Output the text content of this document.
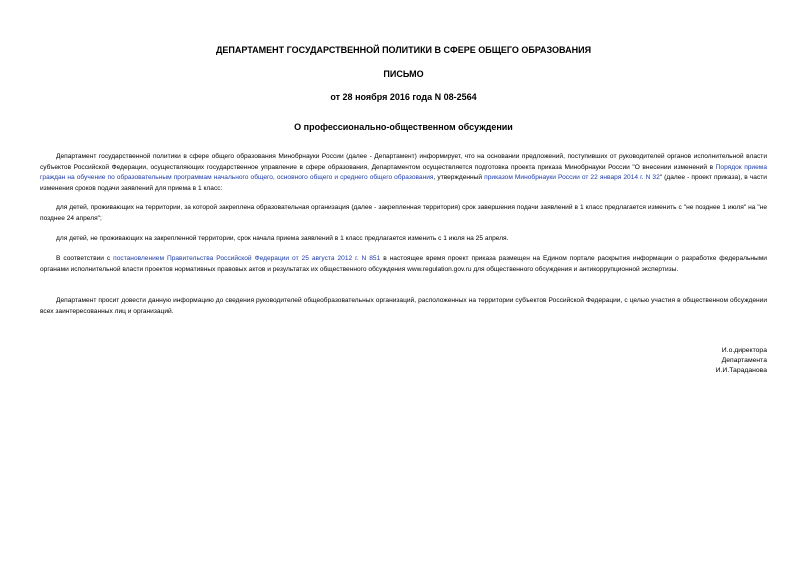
ДЕПАРТАМЕНТ ГОСУДАРСТВЕННОЙ ПОЛИТИКИ В СФЕРЕ ОБЩЕГО ОБРАЗОВАНИЯ
ПИСЬМО
от 28 ноября 2016 года N 08-2564
О профессионально-общественном обсуждении
Департамент государственной политики в сфере общего образования Минобрнауки России (далее - Департамент) информирует, что на основании предложений, поступивших от руководителей органов исполнительной власти субъектов Российской Федерации, осуществляющих государственное управление в сфере образования, Департаментом осуществляется подготовка проекта приказа Минобрнауки России "О внесении изменений в Порядок приема граждан на обучение по образовательным программам начального общего, основного общего и среднего общего образования, утвержденный приказом Минобрнауки России от 22 января 2014 г. N 32" (далее - проект приказа), в части изменения сроков подачи заявлений для приема в 1 класс:
для детей, проживающих на территории, за которой закреплена образовательная организация (далее - закрепленная территория) срок завершения подачи заявлений в 1 класс предлагается изменить с "не позднее 1 июля" на "не позднее 24 апреля";
для детей, не проживающих на закрепленной территории, срок начала приема заявлений в 1 класс предлагается изменить с 1 июля на 25 апреля.
В соответствии с постановлением Правительства Российской Федерации от 25 августа 2012 г. N 851 в настоящее время проект приказа размещен на Едином портале раскрытия информации о разработке федеральными органами исполнительной власти проектов нормативных правовых актов и результатах их общественного обсуждения www.regulation.gov.ru для общественного обсуждения и антикоррупционной экспертизы.
Департамент просит довести данную информацию до сведения руководителей общеобразовательных организаций, расположенных на территории субъектов Российской Федерации, с целью участия в общественном обсуждении всех заинтересованных лиц и организаций.
И.о.директора
Департамента
И.И.Тараданова
